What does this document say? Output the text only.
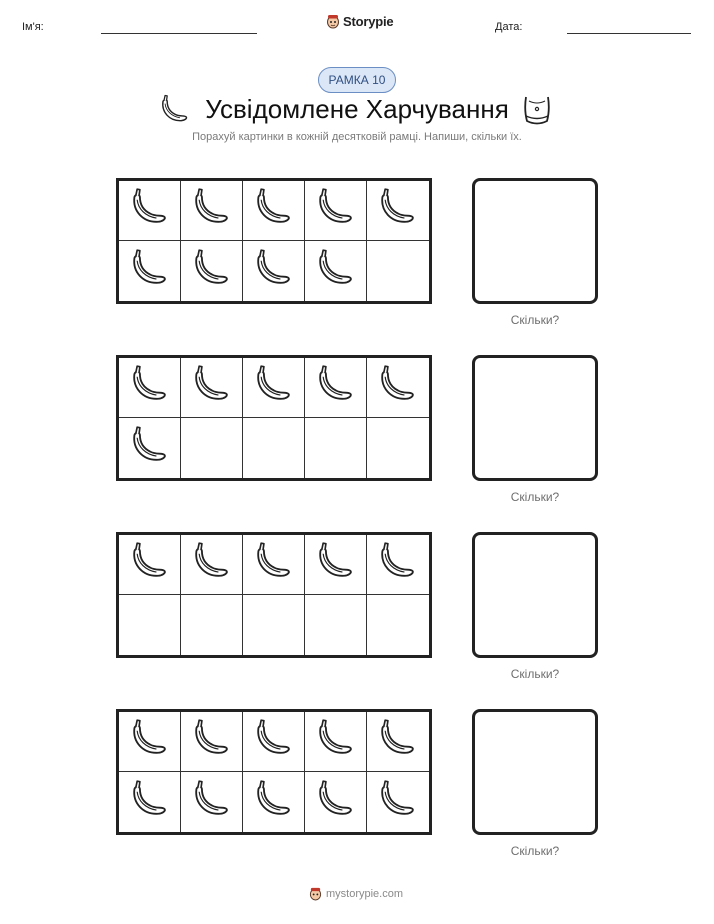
Ім'я:	Storypie	Дата:
РАМКА 10
Усвідомлене Харчування
Порахуй картинки в кожній десятковій рамці. Напиши, скільки їх.
Скільки?
Скільки?
Скільки?
Скільки?
mystorypie.com
